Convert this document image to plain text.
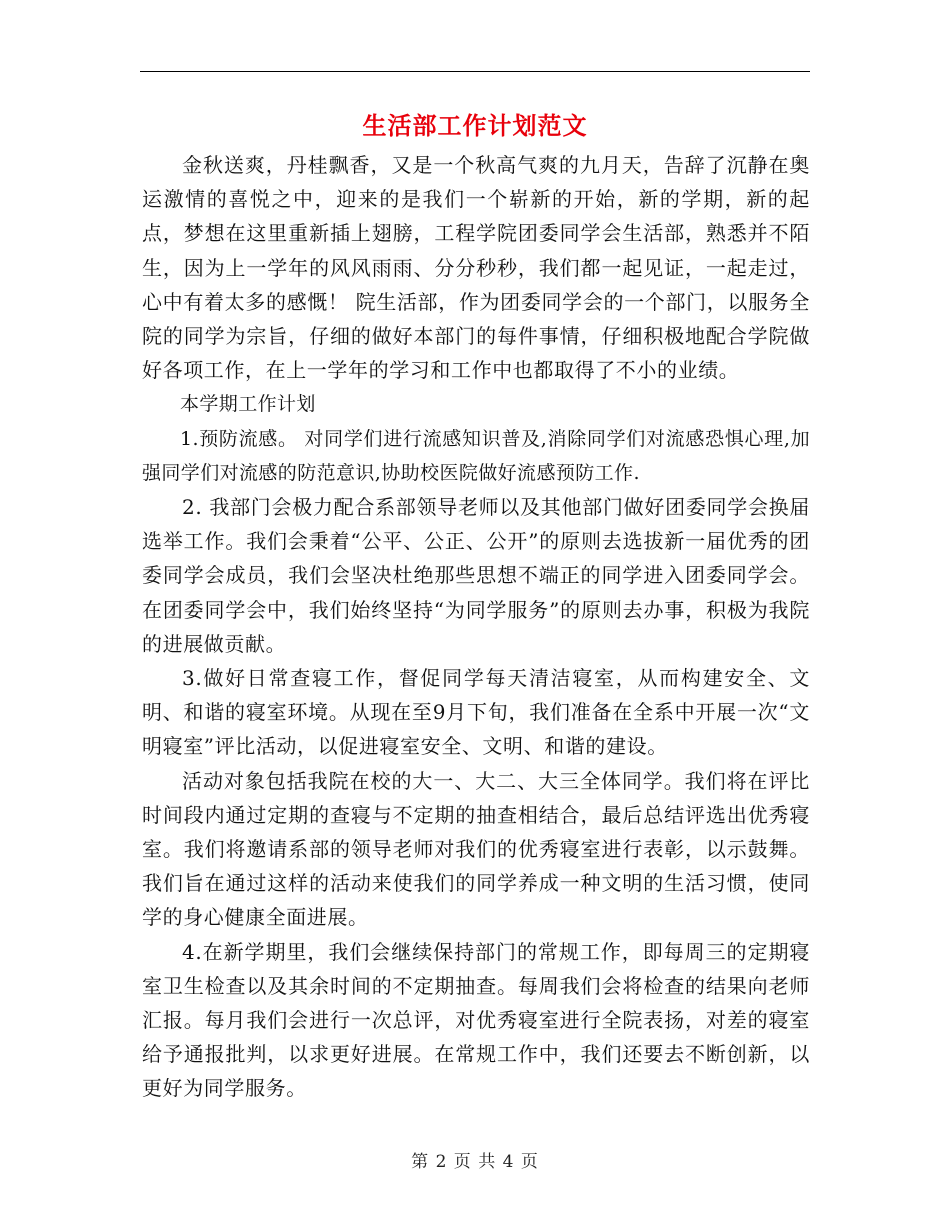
生活部工作计划范文

金秋送爽，丹桂飘香，又是一个秋高气爽的九月天，告辞了沉静在奥运激情的喜悦之中，迎来的是我们一个崭新的开始，新的学期，新的起点，梦想在这里重新插上翅膀，工程学院团委同学会生活部，熟悉并不陌生，因为上一学年的风风雨雨、分分秒秒，我们都一起见证，一起走过，心中有着太多的感慨！ 院生活部，作为团委同学会的一个部门，以服务全院的同学为宗旨，仔细的做好本部门的每件事情，仔细积极地配合学院做好各项工作，在上一学年的学习和工作中也都取得了不小的业绩。

本学期工作计划

1.预防流感。 对同学们进行流感知识普及,消除同学们对流感恐惧心理,加强同学们对流感的防范意识,协助校医院做好流感预防工作.

2. 我部门会极力配合系部领导老师以及其他部门做好团委同学会换届选举工作。我们会秉着“公平、公正、公开”的原则去选拔新一届优秀的团委同学会成员，我们会坚决杜绝那些思想不端正的同学进入团委同学会。在团委同学会中，我们始终坚持“为同学服务”的原则去办事，积极为我院的进展做贡献。

3.做好日常查寝工作，督促同学每天清洁寝室，从而构建安全、文明、和谐的寝室环境。从现在至9月下旬，我们准备在全系中开展一次“文明寝室”评比活动，以促进寝室安全、文明、和谐的建设。

活动对象包括我院在校的大一、大二、大三全体同学。我们将在评比时间段内通过定期的查寝与不定期的抽查相结合，最后总结评选出优秀寝室。我们将邀请系部的领导老师对我们的优秀寝室进行表彰，以示鼓舞。我们旨在通过这样的活动来使我们的同学养成一种文明的生活习惯，使同学的身心健康全面进展。

4.在新学期里，我们会继续保持部门的常规工作，即每周三的定期寝室卫生检查以及其余时间的不定期抽查。每周我们会将检查的结果向老师汇报。每月我们会进行一次总评，对优秀寝室进行全院表扬，对差的寝室给予通报批判，以求更好进展。在常规工作中，我们还要去不断创新，以更好为同学服务。

第 2 页 共 4 页
